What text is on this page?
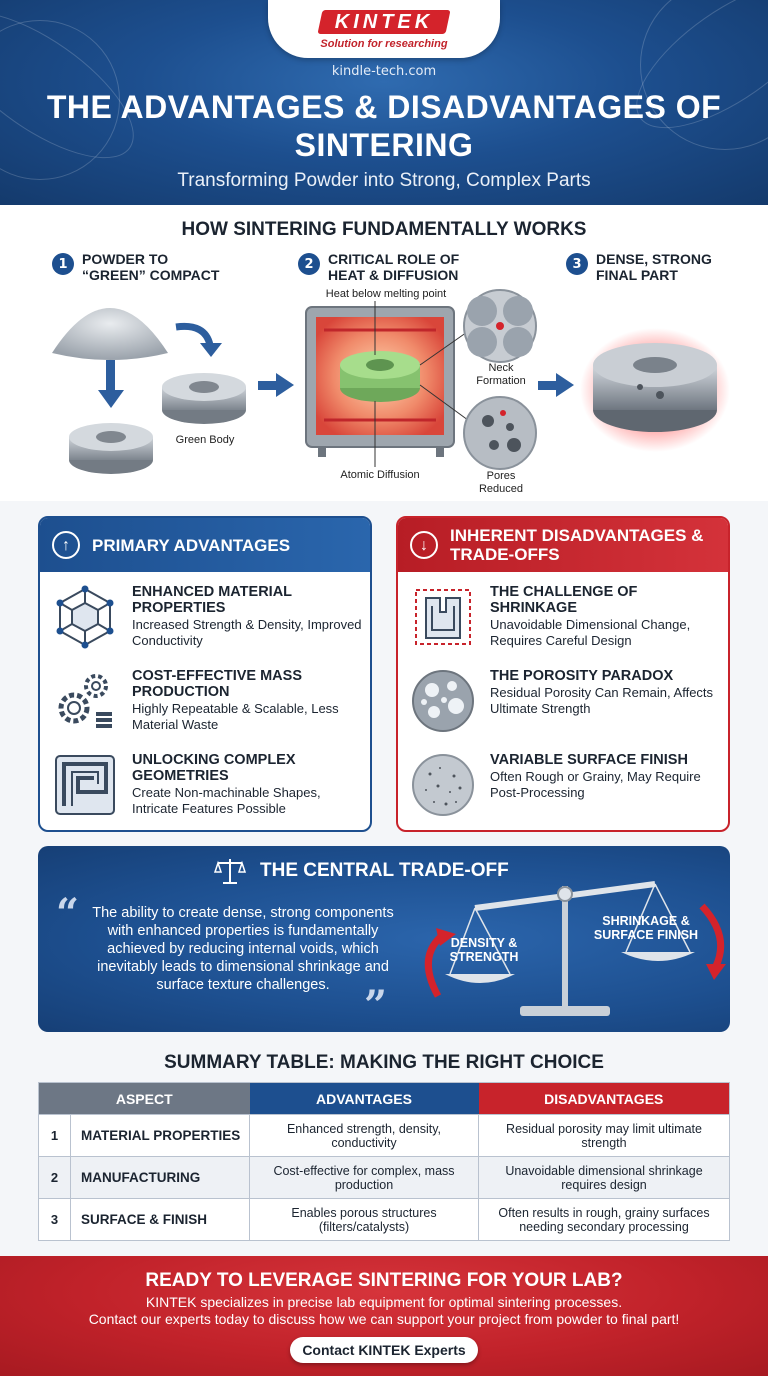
KINTEK
Solution for researching
kindle-tech.com
THE ADVANTAGES & DISADVANTAGES OF SINTERING
Transforming Powder into Strong, Complex Parts
HOW SINTERING FUNDAMENTALLY WORKS
1	POWDER TO
“GREEN” COMPACT
2	CRITICAL ROLE OF
HEAT & DIFFUSION
3	DENSE, STRONG
FINAL PART
Green Body
Heat below melting point
Atomic Diffusion
Neck
Formation
Pores
Reduced
↑	PRIMARY ADVANTAGES
ENHANCED MATERIAL PROPERTIES
Increased Strength & Density, Improved Conductivity
COST-EFFECTIVE MASS PRODUCTION
Highly Repeatable & Scalable, Less Material Waste
UNLOCKING COMPLEX GEOMETRIES
Create Non-machinable Shapes, Intricate Features Possible
↓	INHERENT DISADVANTAGES & TRADE-OFFS
THE CHALLENGE OF SHRINKAGE
Unavoidable Dimensional Change, Requires Careful Design
THE POROSITY PARADOX
Residual Porosity Can Remain, Affects Ultimate Strength
VARIABLE SURFACE FINISH
Often Rough or Grainy, May Require Post-Processing
THE CENTRAL TRADE-OFF
“ The ability to create dense, strong components with enhanced properties is fundamentally achieved by reducing internal voids, which inevitably leads to dimensional shrinkage and surface texture challenges. ”
DENSITY &
STRENGTH
SHRINKAGE &
SURFACE FINISH
SUMMARY TABLE: MAKING THE RIGHT CHOICE
ASPECT		ADVANTAGES	DISADVANTAGES
1	MATERIAL PROPERTIES	Enhanced strength, density, conductivity	Residual porosity may limit ultimate strength
2	MANUFACTURING	Cost-effective for complex, mass production	Unavoidable dimensional shrinkage requires design
3	SURFACE & FINISH	Enables porous structures (filters/catalysts)	Often results in rough, grainy surfaces needing secondary processing
READY TO LEVERAGE SINTERING FOR YOUR LAB?
KINTEK specializes in precise lab equipment for optimal sintering processes.
Contact our experts today to discuss how we can support your project from powder to final part!
Contact KINTEK Experts
